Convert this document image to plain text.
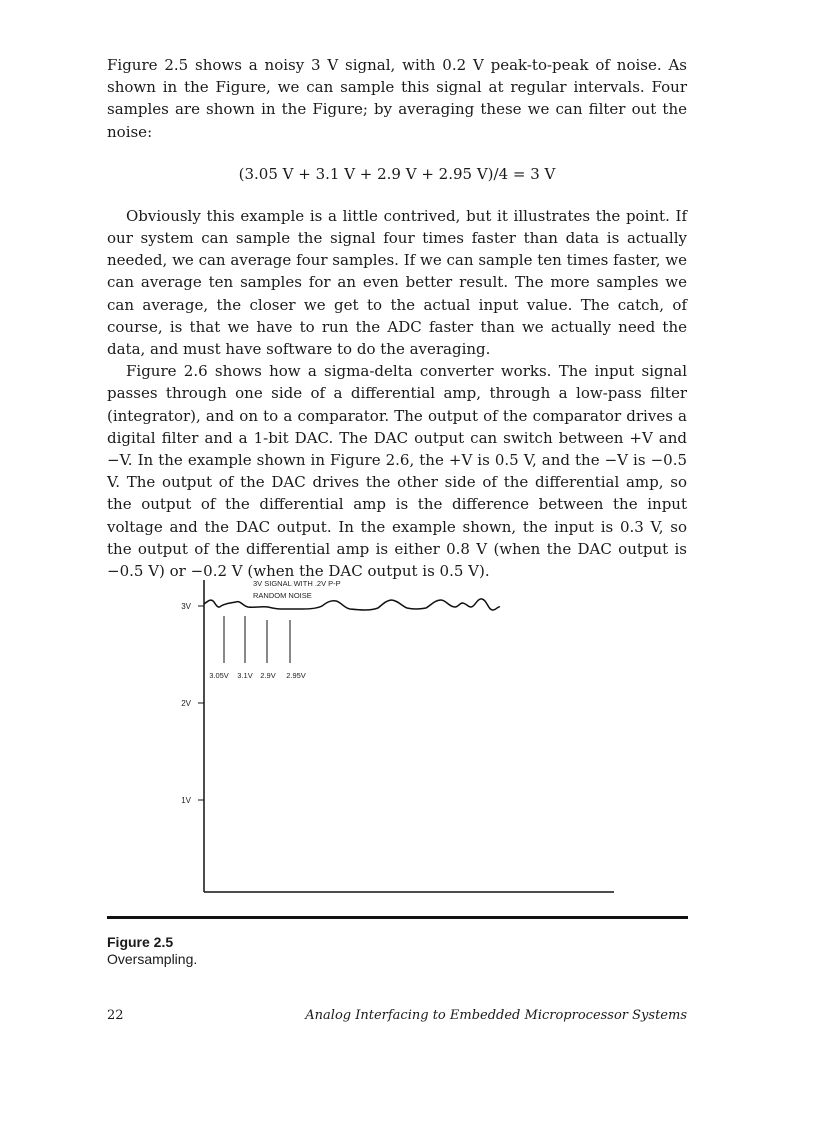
Figure 2.5 shows a noisy 3 V signal, with 0.2 V peak-to-peak of noise. As shown in the Figure, we can sample this signal at regular intervals. Four samples are shown in the Figure; by averaging these we can filter out the noise:

(3.05 V + 3.1 V + 2.9 V + 2.95 V)/4 = 3 V

Obviously this example is a little contrived, but it illustrates the point. If our system can sample the signal four times faster than data is actually needed, we can average four samples. If we can sample ten times faster, we can average ten samples for an even better result. The more samples we can average, the closer we get to the actual input value. The catch, of course, is that we have to run the ADC faster than we actually need the data, and must have software to do the averaging.

Figure 2.6 shows how a sigma-delta converter works. The input signal passes through one side of a differential amp, through a low-pass filter (integrator), and on to a comparator. The output of the comparator drives a digital filter and a 1-bit DAC. The DAC output can switch between +V and −V. In the example shown in Figure 2.6, the +V is 0.5 V, and the −V is −0.5 V. The output of the DAC drives the other side of the differential amp, so the output of the differential amp is the difference between the input voltage and the DAC output. In the example shown, the input is 0.3 V, so the output of the differential amp is either 0.8 V (when the DAC output is −0.5 V) or −0.2 V (when the DAC output is 0.5 V).

3V
2V
1V
3V SIGNAL WITH .2V P-P
RANDOM NOISE
3.05V 3.1V 2.9V 2.95V
Figure 2.5
Oversampling.
22	Analog Interfacing to Embedded Microprocessor Systems
